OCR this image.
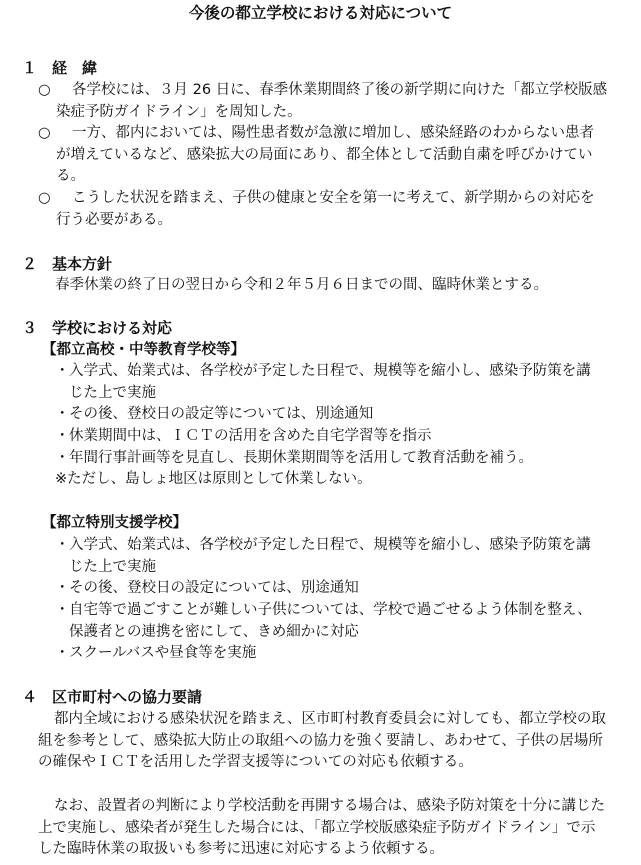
今後の都立学校における対応について
１ 経　緯
○	各学校には、３月 26 日に、春季休業期間終了後の新学期に向けた「都立学校版感染症予防ガイドライン」を周知した。
○	一方、都内においては、陽性患者数が急激に増加し、感染経路のわからない患者が増えているなど、感染拡大の局面にあり、都全体として活動自粛を呼びかけている。
○	こうした状況を踏まえ、子供の健康と安全を第一に考えて、新学期からの対応を行う必要がある。
２ 基本方針
春季休業の終了日の翌日から令和２年５月６日までの間、臨時休業とする。
３ 学校における対応
【都立高校・中等教育学校等】
・ 入学式、始業式は、各学校が予定した日程で、規模等を縮小し、感染予防策を講じた上で実施
・ その後、登校日の設定等については、別途通知
・ 休業期間中は、ＩＣＴの活用を含めた自宅学習等を指示
・ 年間行事計画等を見直し、長期休業期間等を活用して教育活動を補う。
※ただし、島しょ地区は原則として休業しない。
【都立特別支援学校】
・ 入学式、始業式は、各学校が予定した日程で、規模等を縮小し、感染予防策を講じた上で実施
・ その後、登校日の設定については、別途通知
・ 自宅等で過ごすことが難しい子供については、学校で過ごせるよう体制を整え、保護者との連携を密にして、きめ細かに対応
・ スクールバスや昼食等を実施
４ 区市町村への協力要請
都内全域における感染状況を踏まえ、区市町村教育委員会に対しても、都立学校の取組を参考として、感染拡大防止の取組への協力を強く要請し、あわせて、子供の居場所の確保やＩＣＴを活用した学習支援等についての対応も依頼する。
なお、設置者の判断により学校活動を再開する場合は、感染予防対策を十分に講じた上で実施し、感染者が発生した場合には、「都立学校版感染症予防ガイドライン」で示した臨時休業の取扱いも参考に迅速に対応するよう依頼する。
